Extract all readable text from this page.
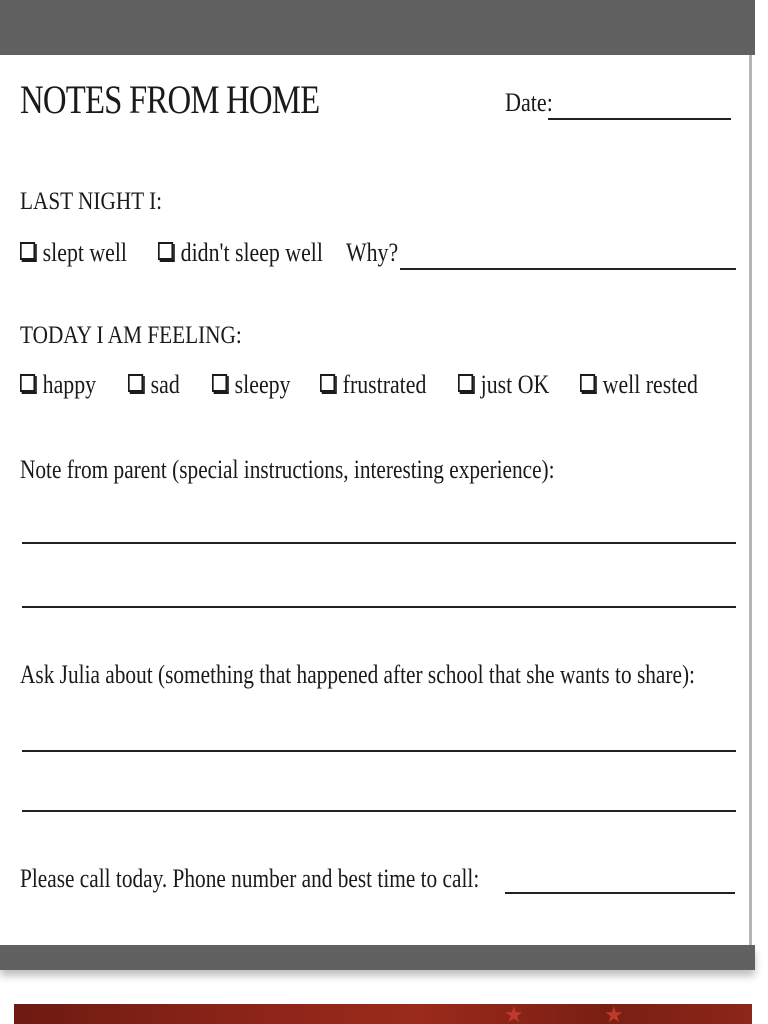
NOTES FROM HOME	Date:
LAST NIGHT I:
slept well	didn't sleep well Why?
TODAY I AM FEELING:
happy	sad	sleepy	frustrated	just OK	well rested
Note from parent (special instructions, interesting experience):
Ask Julia about (something that happened after school that she wants to share):
Please call today. Phone number and best time to call:
★	★
